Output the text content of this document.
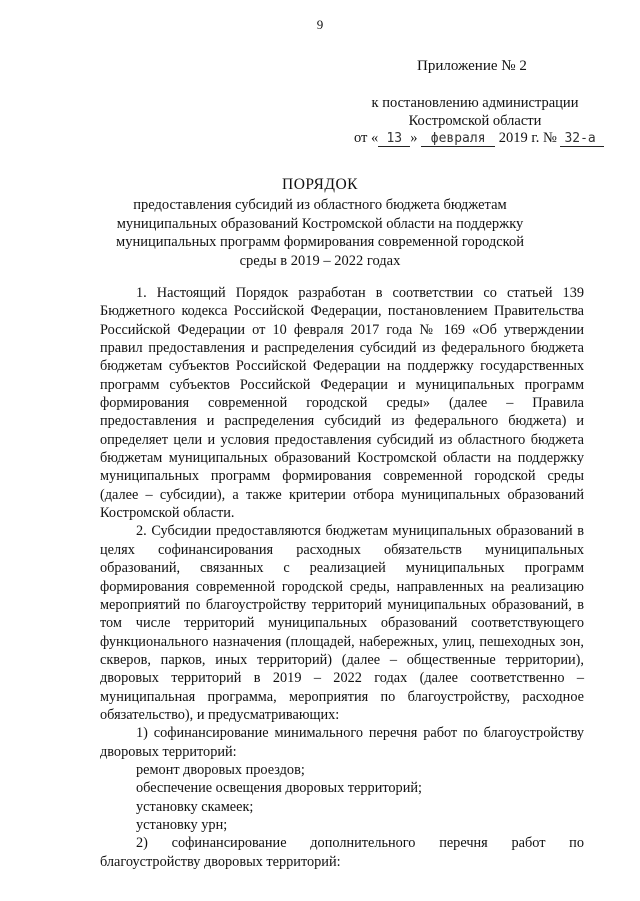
9
Приложение № 2
к постановлению администрации
Костромской области
от « 13 » февраля 2019 г. № 32-а
ПОРЯДОК
предоставления субсидий из областного бюджета бюджетам муниципальных образований Костромской области на поддержку муниципальных программ формирования современной городской среды в 2019 – 2022 годах

1. Настоящий Порядок разработан в соответствии со статьей 139 Бюджетного кодекса Российской Федерации, постановлением Правительства Российской Федерации от 10 февраля 2017 года № 169 «Об утверждении правил предоставления и распределения субсидий из федерального бюджета бюджетам субъектов Российской Федерации на поддержку государственных программ субъектов Российской Федерации и муниципальных программ формирования современной городской среды» (далее – Правила предоставления и распределения субсидий из федерального бюджета) и определяет цели и условия предоставления субсидий из областного бюджета бюджетам муниципальных образований Костромской области на поддержку муниципальных программ формирования современной городской среды (далее – субсидии), а также критерии отбора муниципальных образований Костромской области.

2. Субсидии предоставляются бюджетам муниципальных образований в целях софинансирования расходных обязательств муниципальных образований, связанных с реализацией муниципальных программ формирования современной городской среды, направленных на реализацию мероприятий по благоустройству территорий муниципальных образований, в том числе территорий муниципальных образований соответствующего функционального назначения (площадей, набережных, улиц, пешеходных зон, скверов, парков, иных территорий) (далее – общественные территории), дворовых территорий в 2019 – 2022 годах (далее соответственно – муниципальная программа, мероприятия по благоустройству, расходное обязательство), и предусматривающих:

1) софинансирование минимального перечня работ по благоустройству дворовых территорий:

ремонт дворовых проездов;

обеспечение освещения дворовых территорий;

установку скамеек;

установку урн;

2) софинансирование дополнительного перечня работ по благоустройству дворовых территорий:
